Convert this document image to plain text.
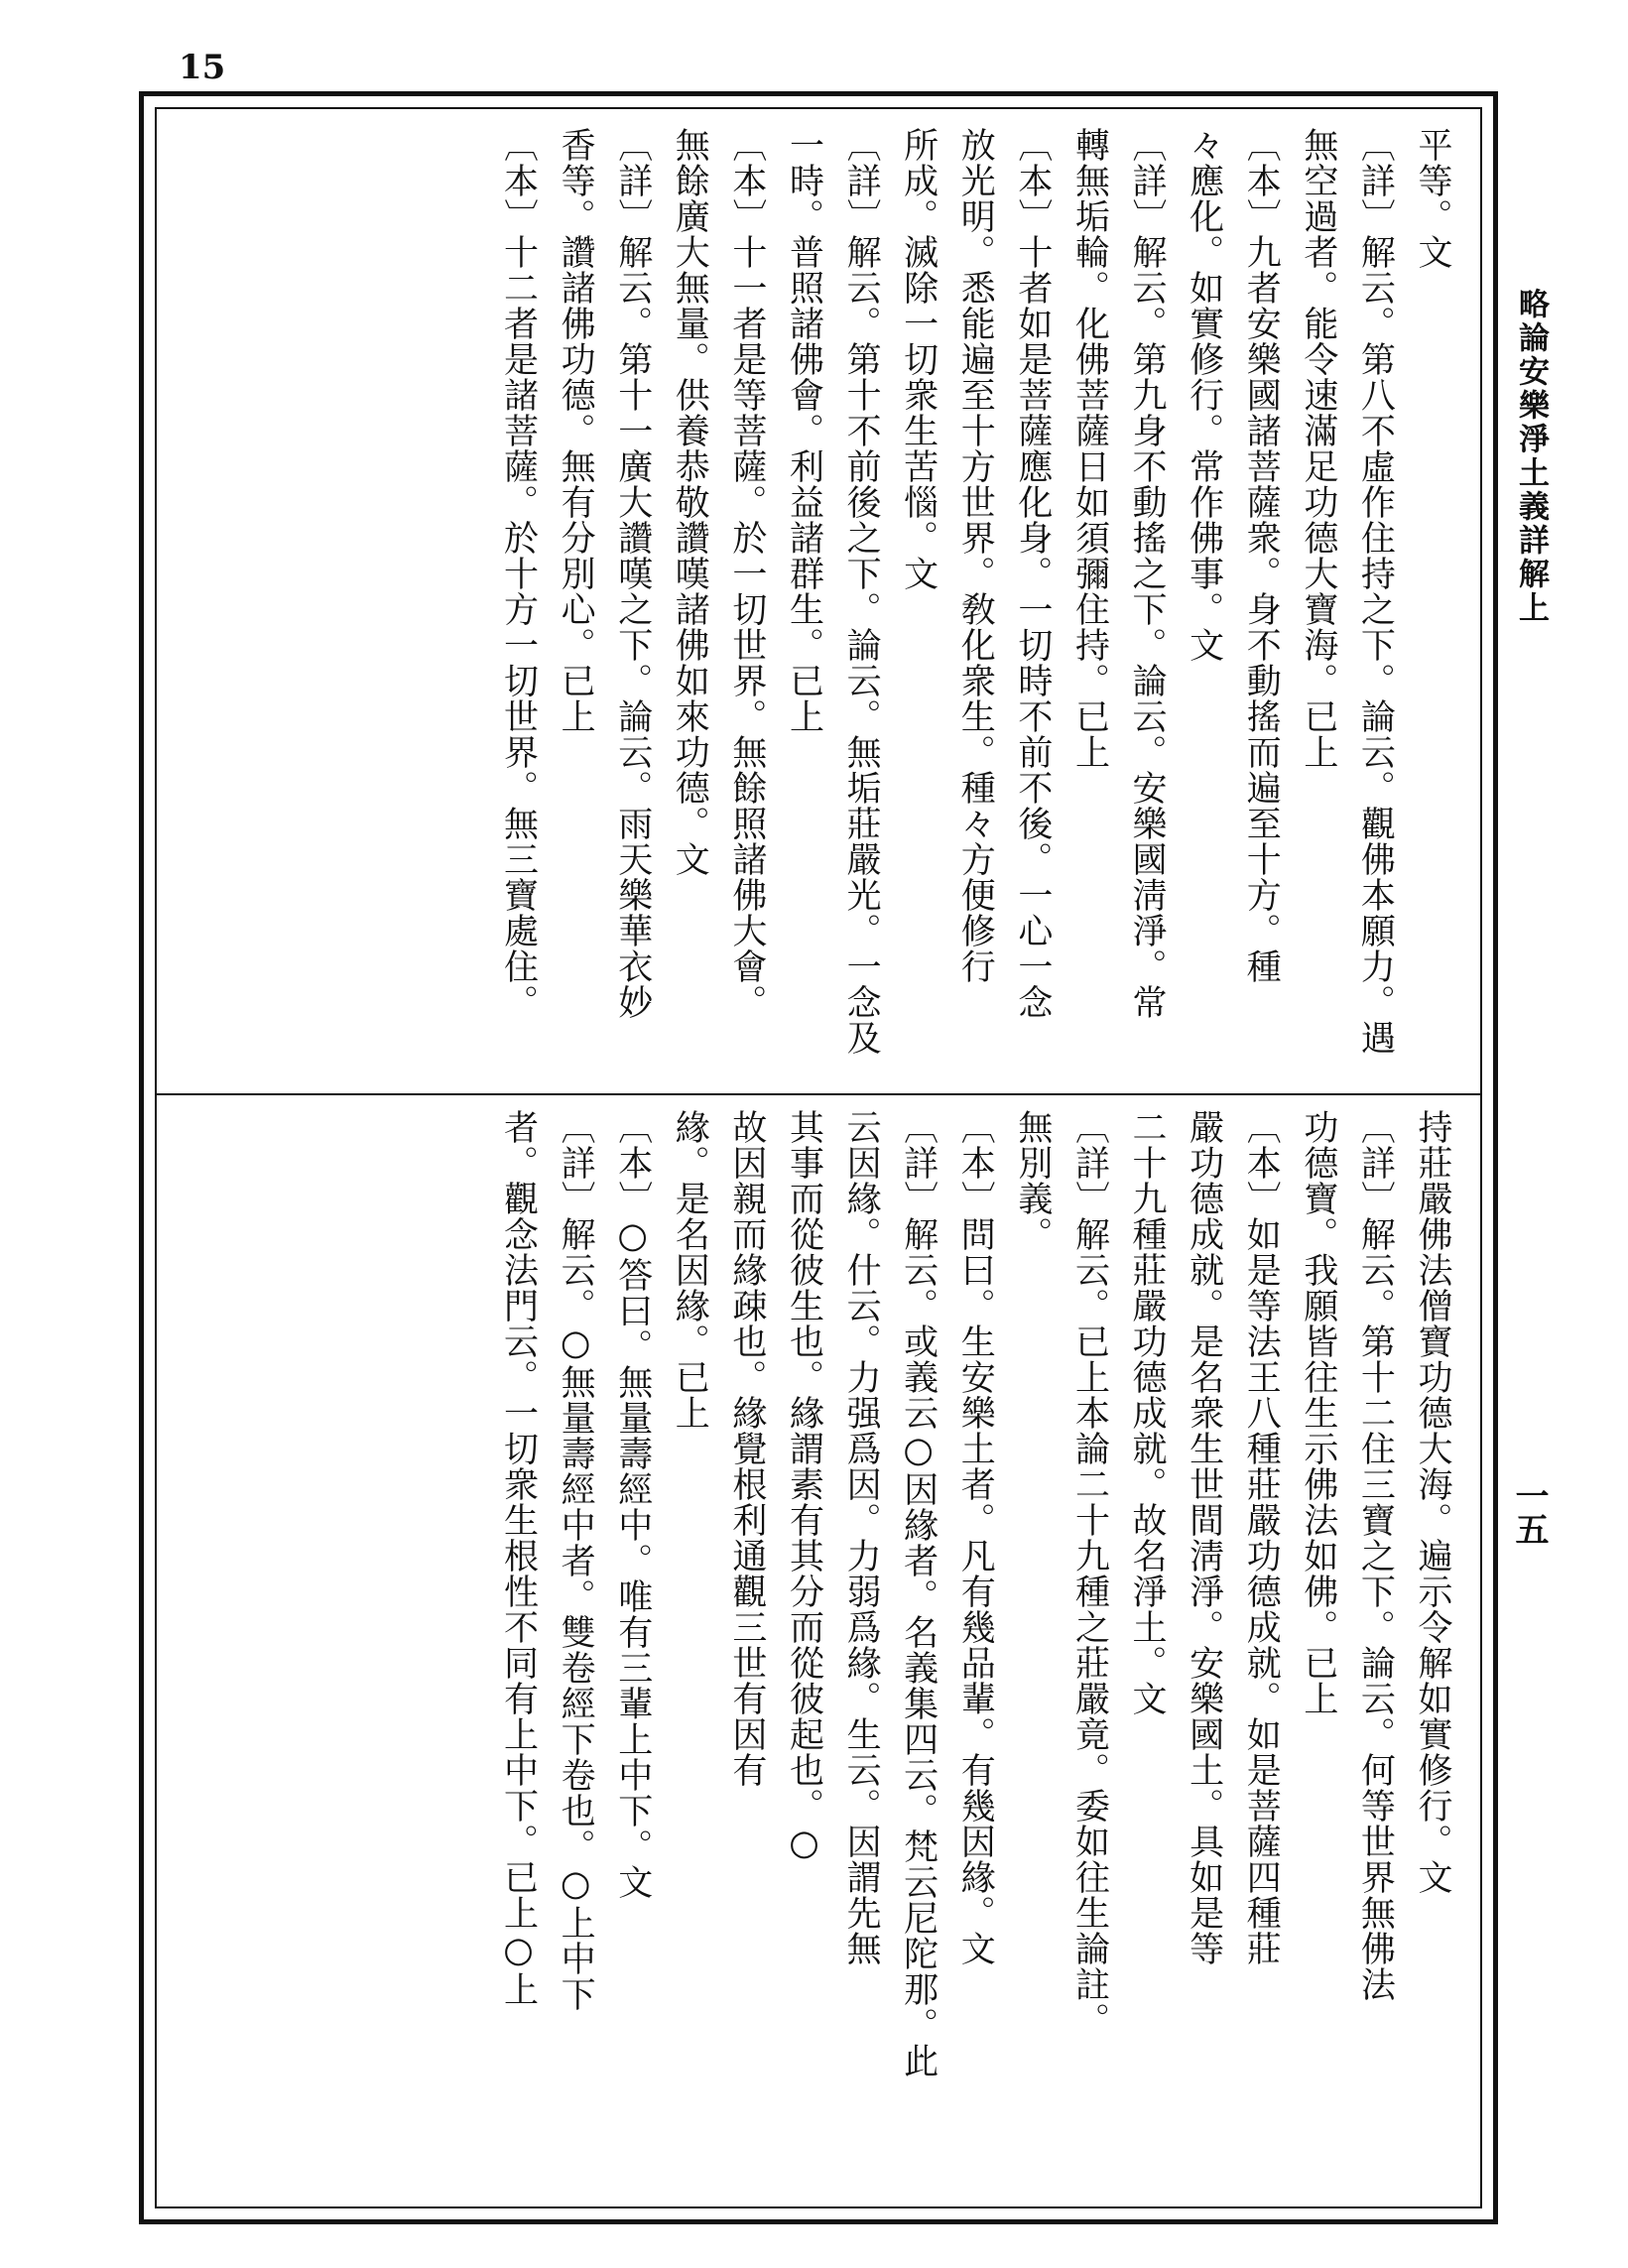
15
略論安樂淨土義詳解上
一五
平等。文
〔詳〕解云。第八不虛作住持之下。論云。觀佛本願力。遇
無空過者。能令速滿足功德大寶海。已上
〔本〕九者安樂國諸菩薩衆。身不動搖而遍至十方。種
々應化。如實修行。常作佛事。文
〔詳〕解云。第九身不動搖之下。論云。安樂國淸淨。常
轉無垢輪。化佛菩薩日如須彌住持。已上
〔本〕十者如是菩薩應化身。一切時不前不後。一心一念
放光明。悉能遍至十方世界。敎化衆生。種々方便修行
所成。滅除一切衆生苦惱。文
〔詳〕解云。第十不前後之下。論云。無垢莊嚴光。一念及
一時。普照諸佛會。利益諸群生。已上
〔本〕十一者是等菩薩。於一切世界。無餘照諸佛大會。
無餘廣大無量。供養恭敬讚嘆諸佛如來功德。文
〔詳〕解云。第十一廣大讚嘆之下。論云。雨天樂華衣妙
香等。讚諸佛功德。無有分別心。已上
〔本〕十二者是諸菩薩。於十方一切世界。無三寶處住。
持莊嚴佛法僧寶功德大海。遍示令解如實修行。文
〔詳〕解云。第十二住三寶之下。論云。何等世界無佛法
功德寶。我願皆往生示佛法如佛。已上
〔本〕如是等法王八種莊嚴功德成就。如是菩薩四種莊
嚴功德成就。是名衆生世間淸淨。安樂國土。具如是等
二十九種莊嚴功德成就。故名淨土。文
〔詳〕解云。已上本論二十九種之莊嚴竟。委如往生論註。
無別義。
〔本〕問曰。生安樂土者。凡有幾品輩。有幾因緣。文
〔詳〕解云。或義云○因緣者。名義集四云。梵云尼陀那。此
云因緣。什云。力强爲因。力弱爲緣。生云。因謂先無
其事而從彼生也。緣謂素有其分而從彼起也。○
故因親而緣疎也。緣覺根利通觀三世有因有
緣。是名因緣。已上
〔本〕○答曰。無量壽經中。唯有三輩上中下。文
〔詳〕解云。○無量壽經中者。雙卷經下卷也。○上中下
者。觀念法門云。一切衆生根性不同有上中下。已上○上
